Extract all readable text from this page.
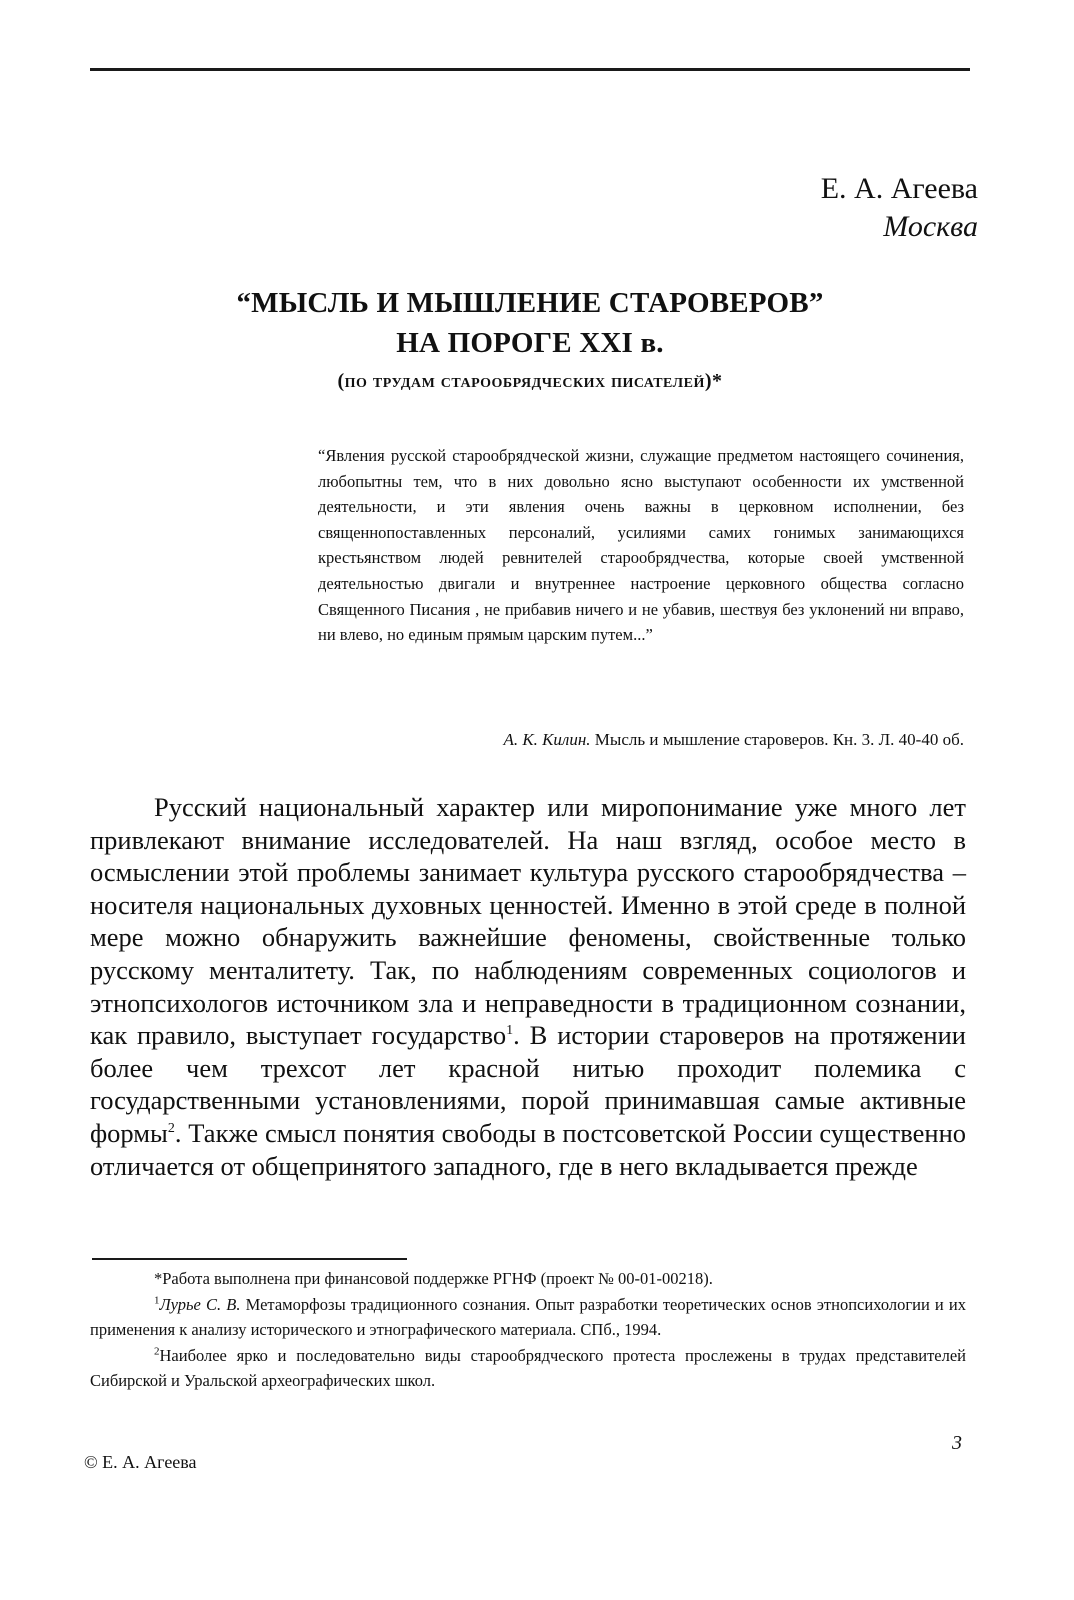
Е. А. Агеева
Москва
“МЫСЛЬ И МЫШЛЕНИЕ СТАРОВЕРОВ”
НА ПОРОГЕ XXI в.
(по трудам старообрядческих писателей)*
“Явления русской старообрядческой жизни, служащие предметом настоящего сочинения, любопытны тем, что в них довольно ясно выступают особенности их умственной деятельности, и эти явления очень важны в церковном исполнении, без священнопоставленных персоналий, усилиями самих гонимых занимающихся крестьянством людей ревнителей старообрядчества, которые своей умственной деятельностью двигали и внутреннее настроение церковного общества согласно Священного Писания , не прибавив ничего и не убавив, шествуя без уклонений ни вправо, ни влево, но единым прямым царским путем...”
А. К. Килин. Мысль и мышление староверов. Кн. 3. Л. 40-40 об.

Русский национальный характер или миропонимание уже много лет привлекают внимание исследователей. На наш взгляд, особое место в осмыслении этой проблемы занимает культура русского старообрядчества – носителя национальных духовных ценностей. Именно в этой среде в полной мере можно обнаружить важнейшие феномены, свойственные только русскому менталитету. Так, по наблюдениям современных социологов и этнопсихологов источником зла и неправедности в традиционном сознании, как правило, выступает государство$^1$. В истории староверов на протяжении более чем трехсот лет красной нитью проходит полемика с государственными установлениями, порой принимавшая самые активные формы$^2$. Также смысл понятия свободы в постсоветской России существенно отличается от общепринятого западного, где в него вкладывается прежде

*Работа выполнена при финансовой поддержке РГНФ (проект № 00-01-00218).

$^1$Лурье С. В. Метаморфозы традиционного сознания. Опыт разработки теоретических основ этнопсихологии и их применения к анализу исторического и этнографического материала. СПб., 1994.

$^2$Наиболее ярко и последовательно виды старообрядческого протеста прослежены в трудах представителей Сибирской и Уральской археографических школ.

© Е. А. Агеева
3
